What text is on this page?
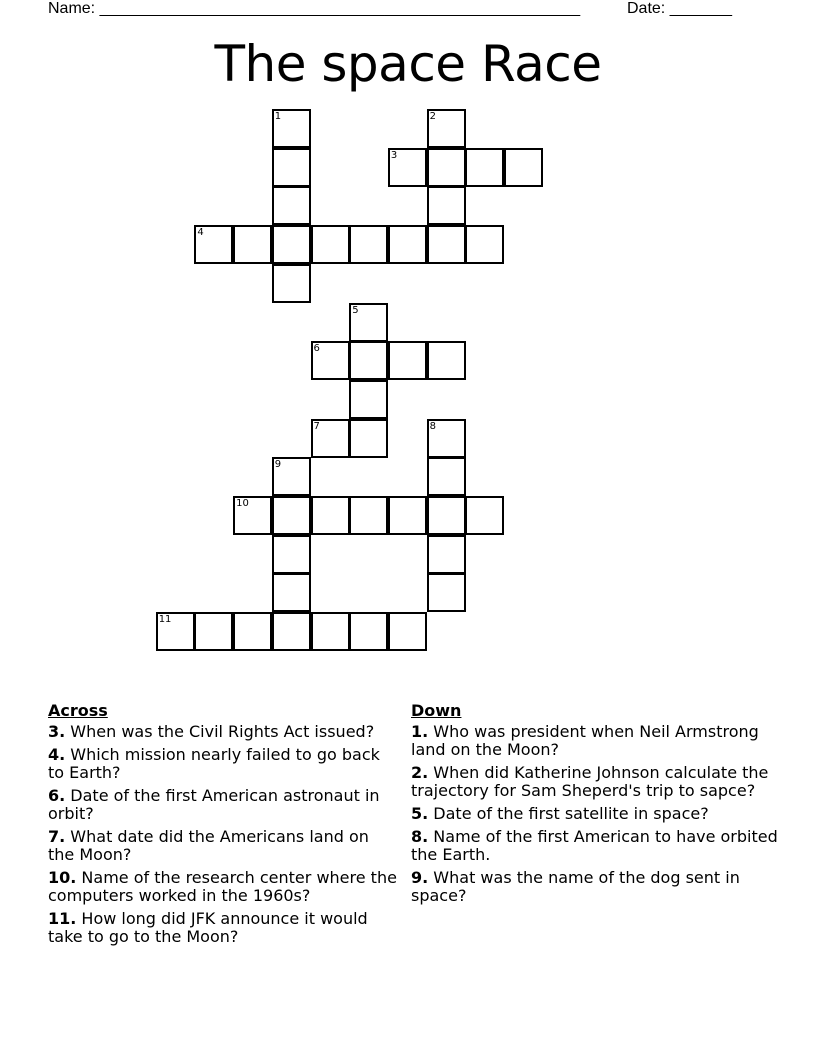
Name: ______________________________________________________	Date: _______
The space Race
1	2
3
4
5
6
7	8
9
10
11
Across
3. When was the Civil Rights Act issued?
4. Which mission nearly failed to go back to Earth?
6. Date of the first American astronaut in orbit?
7. What date did the Americans land on the Moon?
10. Name of the research center where the computers worked in the 1960s?
11. How long did JFK announce it would take to go to the Moon?
Down
1. Who was president when Neil Armstrong land on the Moon?
2. When did Katherine Johnson calculate the trajectory for Sam Sheperd's trip to sapce?
5. Date of the first satellite in space?
8. Name of the first American to have orbited the Earth.
9. What was the name of the dog sent in space?
